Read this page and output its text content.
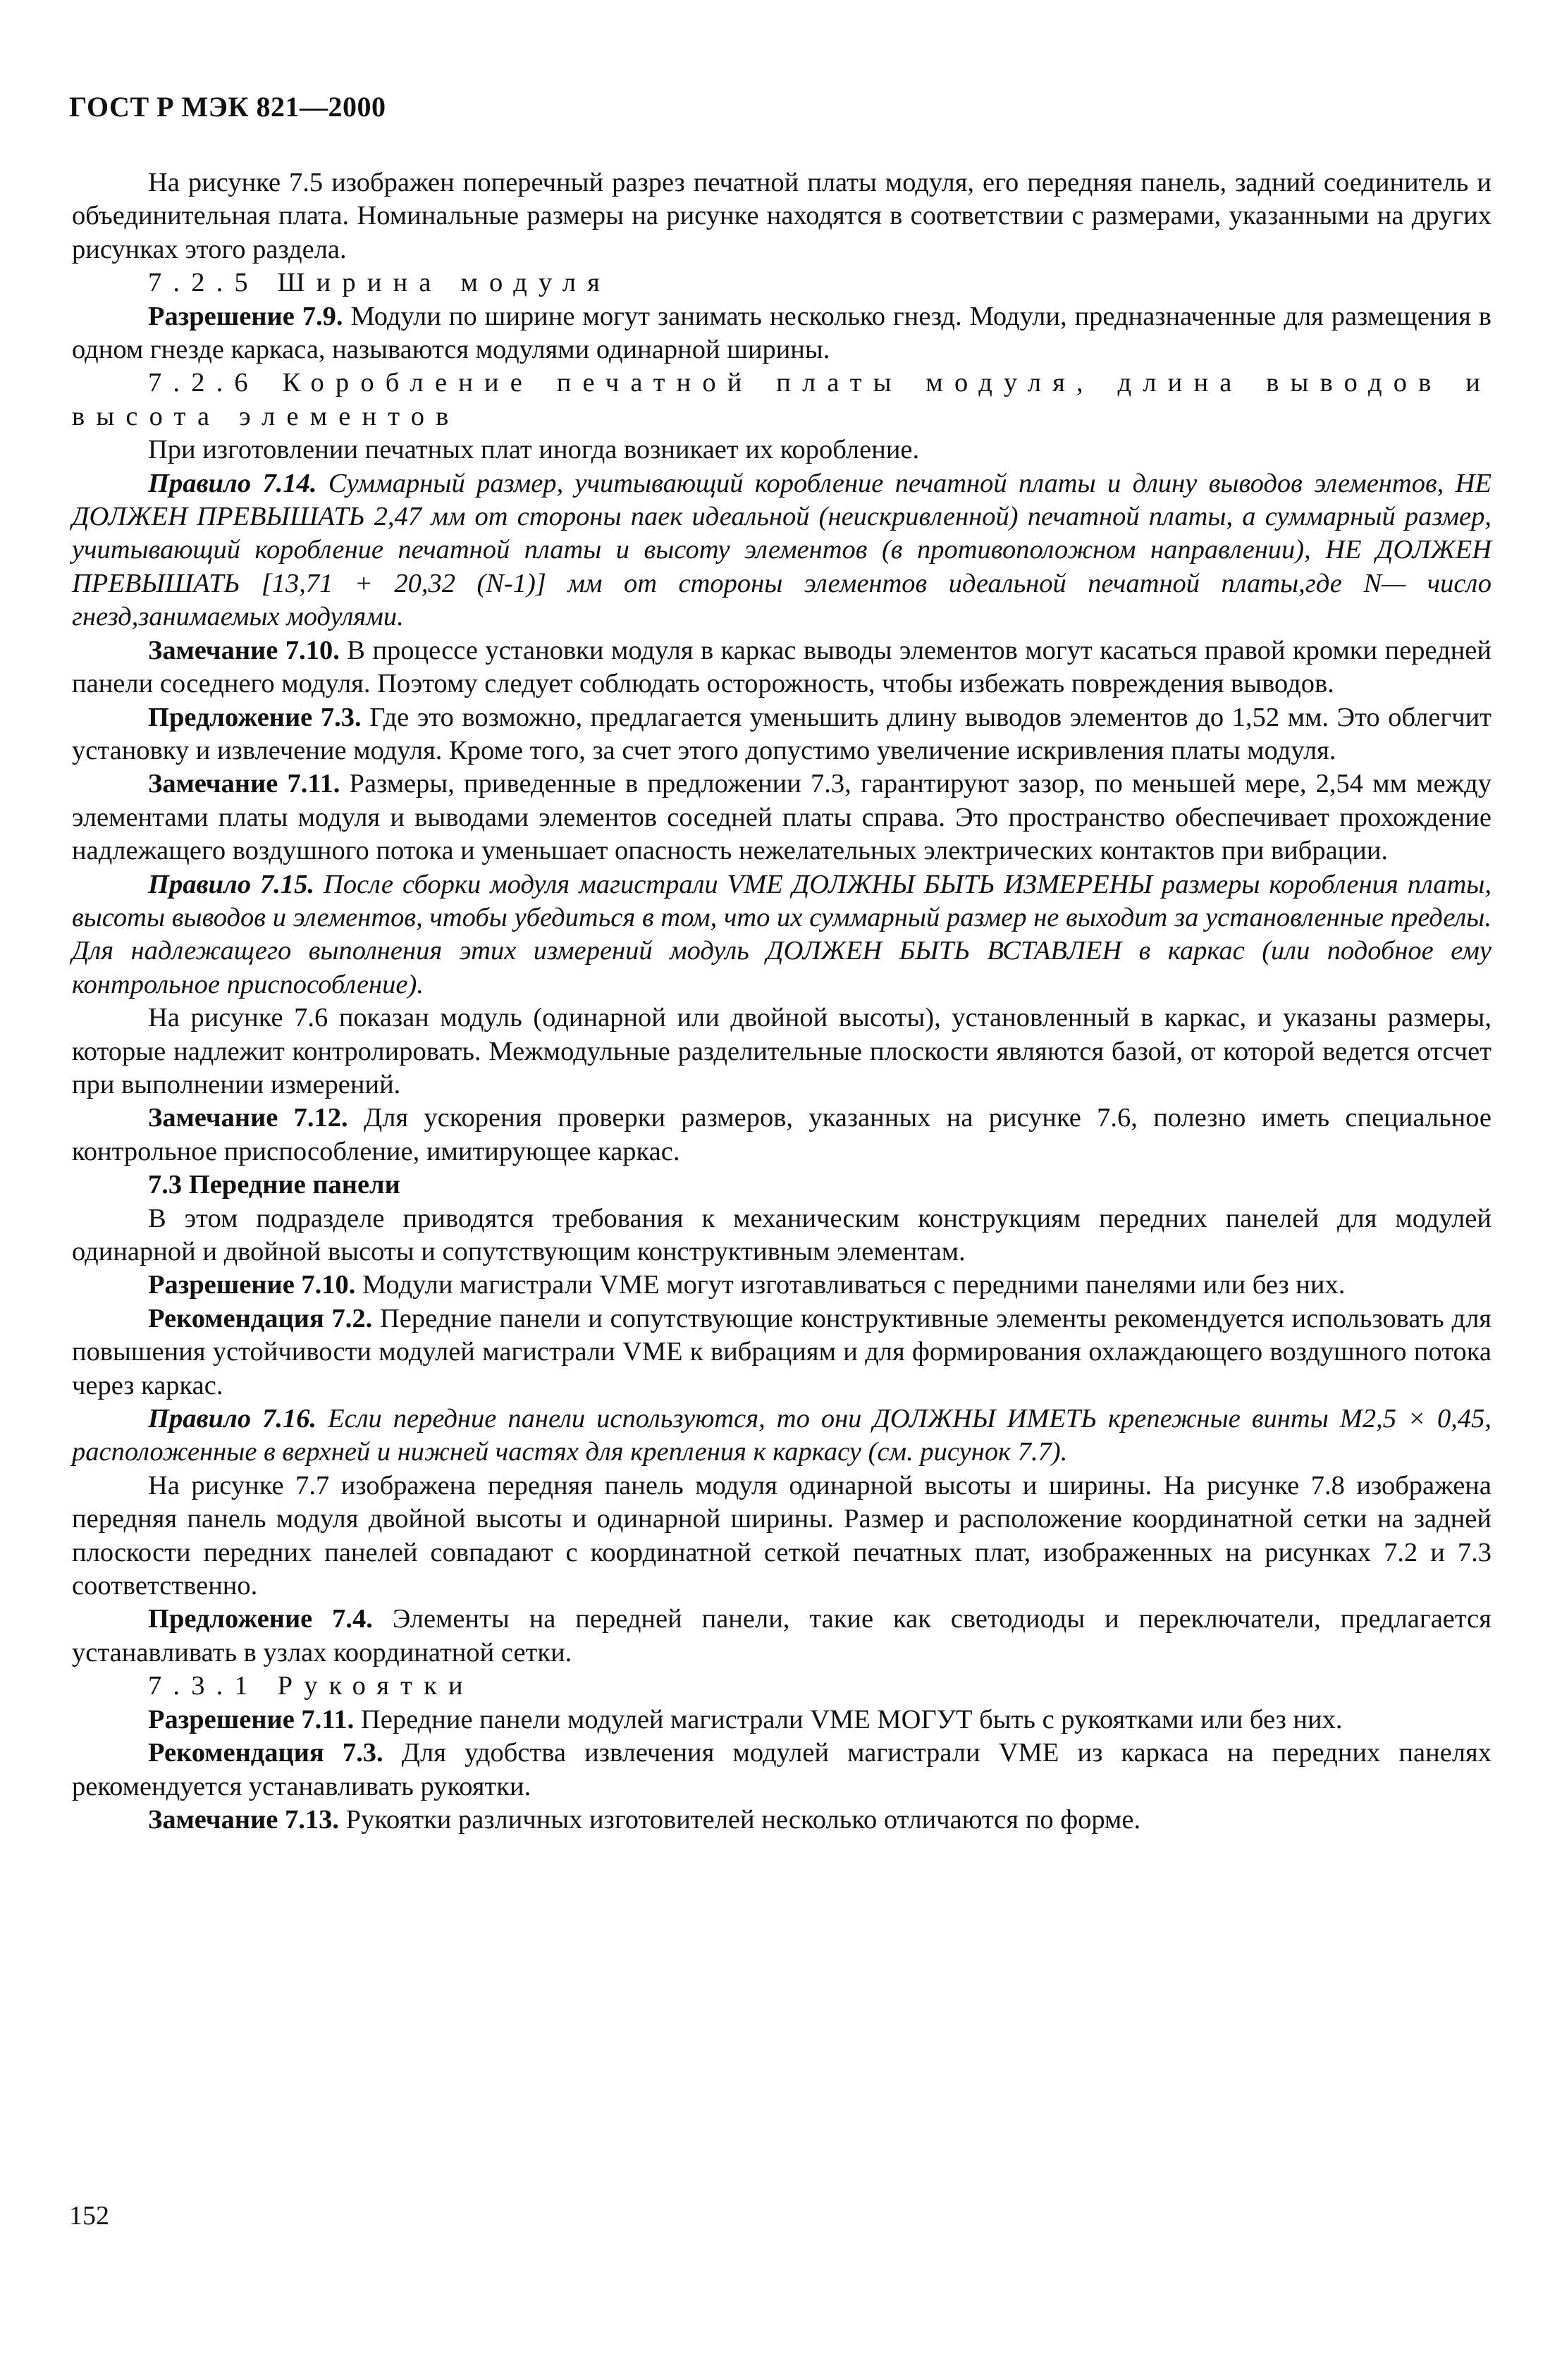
ГОСТ Р МЭК 821—2000

На рисунке 7.5 изображен поперечный разрез печатной платы модуля, его передняя панель, задний соединитель и объединительная плата. Номинальные размеры на рисунке находятся в соответствии с размерами, указанными на других рисунках этого раздела.

7.2.5 Ширина модуля

Разрешение 7.9. Модули по ширине могут занимать несколько гнезд. Модули, предназначенные для размещения в одном гнезде каркаса, называются модулями одинарной ширины.

7.2.6 Коробление печатной платы модуля, длина выводов и высота элементов

При изготовлении печатных плат иногда возникает их коробление.

Правило 7.14. Суммарный размер, учитывающий коробление печатной платы и длину выводов элементов, НЕ ДОЛЖЕН ПРЕВЫШАТЬ 2,47 мм от стороны паек идеальной (неискривленной) печатной платы, а суммарный размер, учитывающий коробление печатной платы и высоту элементов (в противоположном направлении), НЕ ДОЛЖЕН ПРЕВЫШАТЬ [13,71 + 20,32 (N-1)] мм от стороны элементов идеальной печатной платы,где N— число гнезд,занимаемых модулями.

Замечание 7.10. В процессе установки модуля в каркас выводы элементов могут касаться правой кромки передней панели соседнего модуля. Поэтому следует соблюдать осторожность, чтобы избежать повреждения выводов.

Предложение 7.3. Где это возможно, предлагается уменьшить длину выводов элементов до 1,52 мм. Это облегчит установку и извлечение модуля. Кроме того, за счет этого допустимо увеличение искривления платы модуля.

Замечание 7.11. Размеры, приведенные в предложении 7.3, гарантируют зазор, по меньшей мере, 2,54 мм между элементами платы модуля и выводами элементов соседней платы справа. Это пространство обеспечивает прохождение надлежащего воздушного потока и уменьшает опасность нежелательных электрических контактов при вибрации.

Правило 7.15. После сборки модуля магистрали VME ДОЛЖНЫ БЫТЬ ИЗМЕРЕНЫ размеры коробления платы, высоты выводов и элементов, чтобы убедиться в том, что их суммарный размер не выходит за установленные пределы. Для надлежащего выполнения этих измерений модуль ДОЛЖЕН БЫТЬ ВСТАВЛЕН в каркас (или подобное ему контрольное приспособление).

На рисунке 7.6 показан модуль (одинарной или двойной высоты), установленный в каркас, и указаны размеры, которые надлежит контролировать. Межмодульные разделительные плоскости являются базой, от которой ведется отсчет при выполнении измерений.

Замечание 7.12. Для ускорения проверки размеров, указанных на рисунке 7.6, полезно иметь специальное контрольное приспособление, имитирующее каркас.

7.3 Передние панели

В этом подразделе приводятся требования к механическим конструкциям передних панелей для модулей одинарной и двойной высоты и сопутствующим конструктивным элементам.

Разрешение 7.10. Модули магистрали VME могут изготавливаться с передними панелями или без них.

Рекомендация 7.2. Передние панели и сопутствующие конструктивные элементы рекомендуется использовать для повышения устойчивости модулей магистрали VME к вибрациям и для формирования охлаждающего воздушного потока через каркас.

Правило 7.16. Если передние панели используются, то они ДОЛЖНЫ ИМЕТЬ крепежные винты М2,5 × 0,45, расположенные в верхней и нижней частях для крепления к каркасу (см. рисунок 7.7).

На рисунке 7.7 изображена передняя панель модуля одинарной высоты и ширины. На рисунке 7.8 изображена передняя панель модуля двойной высоты и одинарной ширины. Размер и расположение координатной сетки на задней плоскости передних панелей совпадают с координатной сеткой печатных плат, изображенных на рисунках 7.2 и 7.3 соответственно.

Предложение 7.4. Элементы на передней панели, такие как светодиоды и переключатели, предлагается устанавливать в узлах координатной сетки.

7.3.1 Рукоятки

Разрешение 7.11. Передние панели модулей магистрали VME МОГУТ быть с рукоятками или без них.

Рекомендация 7.3. Для удобства извлечения модулей магистрали VME из каркаса на передних панелях рекомендуется устанавливать рукоятки.

Замечание 7.13. Рукоятки различных изготовителей несколько отличаются по форме.

152
